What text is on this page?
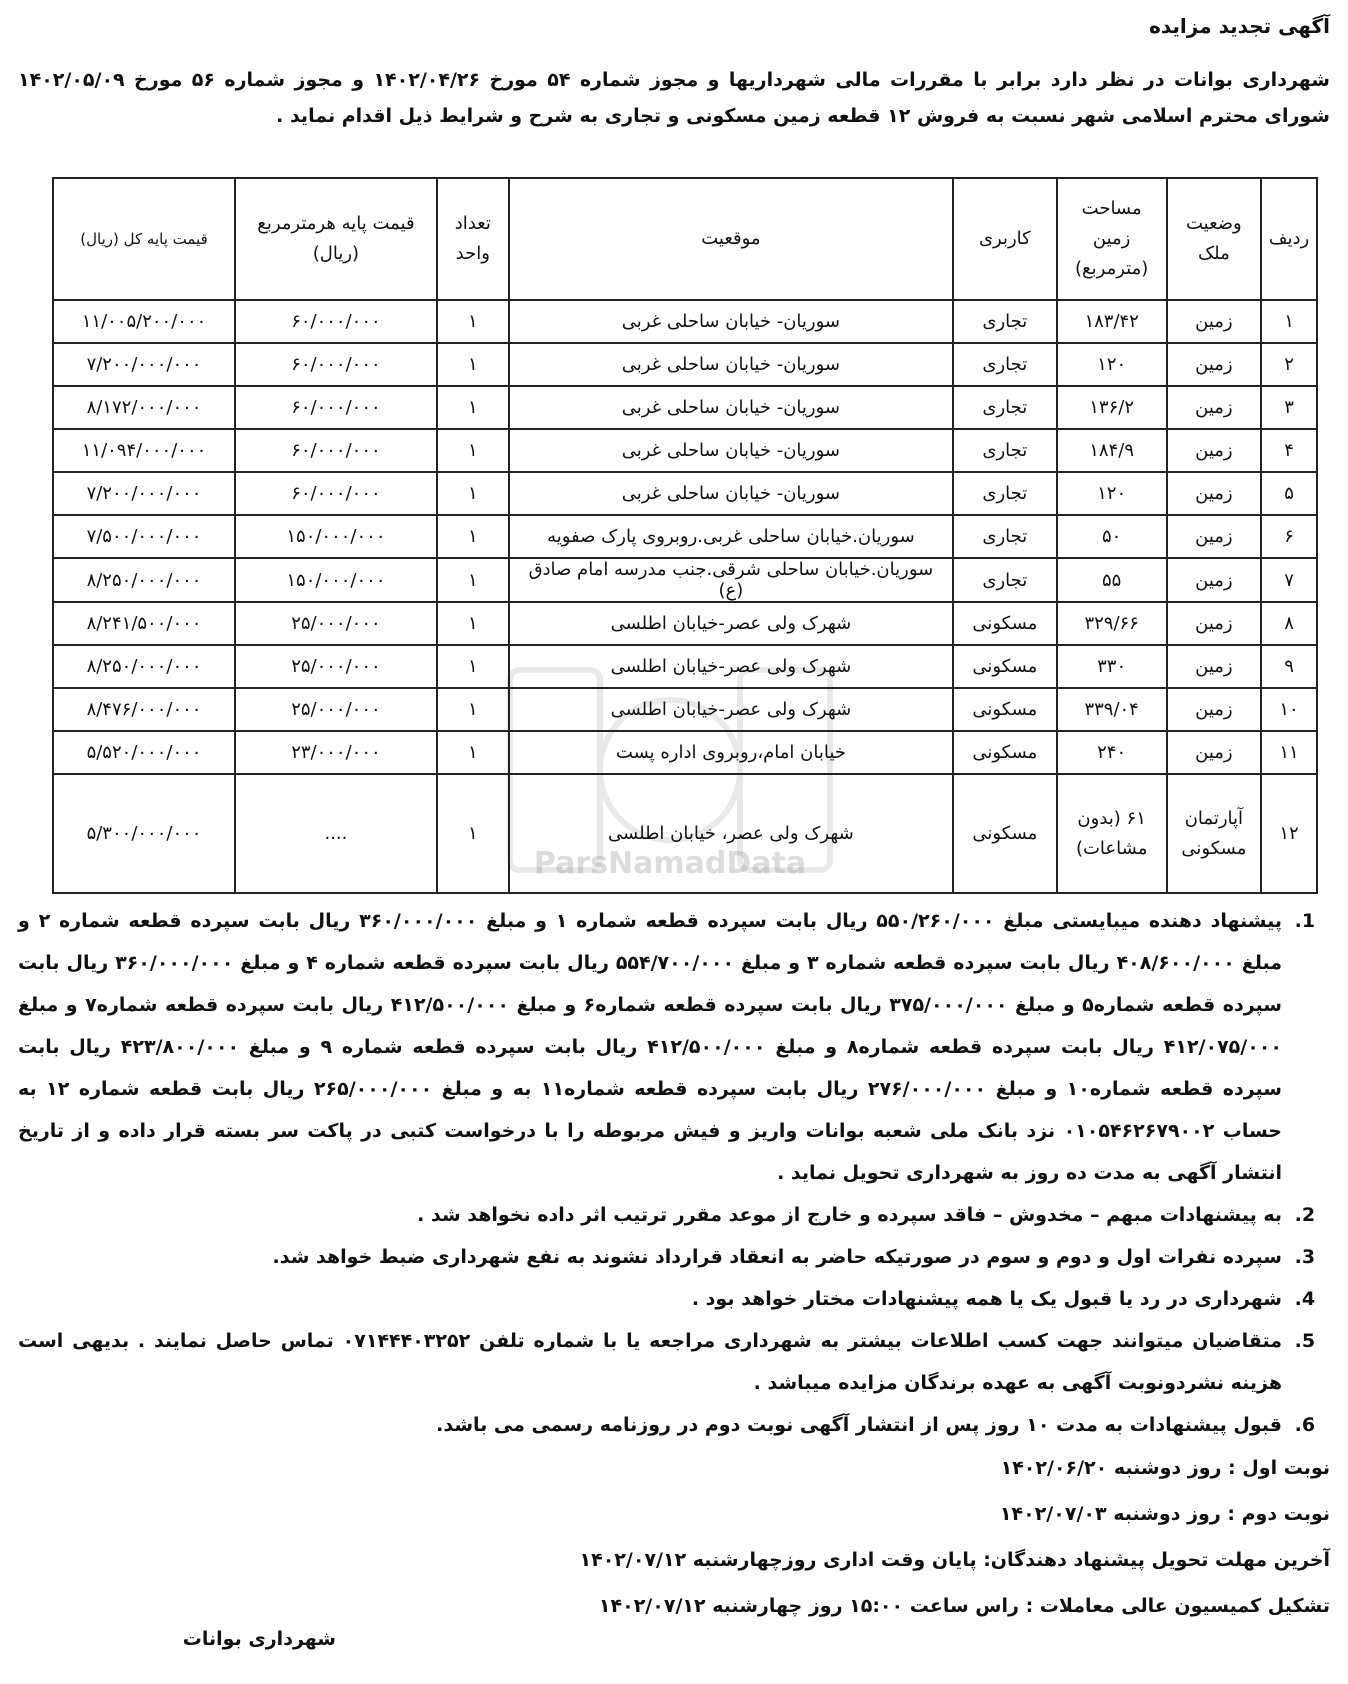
ParsNamadData
آگهی تجدید مزایده
شهرداری بوانات در نظر دارد برابر با مقررات مالی شهرداریها و مجوز شماره ۵۴ مورخ ۱۴۰۲/۰۴/۲۶ و مجوز شماره ۵۶ مورخ ۱۴۰۲/۰۵/۰۹ شورای محترم اسلامی شهر نسبت به فروش ۱۲ قطعه زمین مسکونی و تجاری به شرح و شرایط ذیل اقدام نماید .
ردیف	وضعیت ملک	مساحت زمین (مترمربع)	کاربری	موقعیت	تعداد واحد	قیمت پایه هرمترمربع (ریال)	قیمت پایه کل (ریال)
۱	زمین	۱۸۳/۴۲	تجاری	سوریان- خیابان ساحلی غربی	۱	۶۰/۰۰۰/۰۰۰	۱۱/۰۰۵/۲۰۰/۰۰۰
۲	زمین	۱۲۰	تجاری	سوریان- خیابان ساحلی غربی	۱	۶۰/۰۰۰/۰۰۰	۷/۲۰۰/۰۰۰/۰۰۰
۳	زمین	۱۳۶/۲	تجاری	سوریان- خیابان ساحلی غربی	۱	۶۰/۰۰۰/۰۰۰	۸/۱۷۲/۰۰۰/۰۰۰
۴	زمین	۱۸۴/۹	تجاری	سوریان- خیابان ساحلی غربی	۱	۶۰/۰۰۰/۰۰۰	۱۱/۰۹۴/۰۰۰/۰۰۰
۵	زمین	۱۲۰	تجاری	سوریان- خیابان ساحلی غربی	۱	۶۰/۰۰۰/۰۰۰	۷/۲۰۰/۰۰۰/۰۰۰
۶	زمین	۵۰	تجاری	سوریان.خیابان ساحلی غربی.روبروی پارک صفویه	۱	۱۵۰/۰۰۰/۰۰۰	۷/۵۰۰/۰۰۰/۰۰۰
۷	زمین	۵۵	تجاری	سوریان.خیابان ساحلی شرقی.جنب مدرسه امام صادق (ع)	۱	۱۵۰/۰۰۰/۰۰۰	۸/۲۵۰/۰۰۰/۰۰۰
۸	زمین	۳۲۹/۶۶	مسکونی	شهرک ولی عصر-خیابان اطلسی	۱	۲۵/۰۰۰/۰۰۰	۸/۲۴۱/۵۰۰/۰۰۰
۹	زمین	۳۳۰	مسکونی	شهرک ولی عصر-خیابان اطلسی	۱	۲۵/۰۰۰/۰۰۰	۸/۲۵۰/۰۰۰/۰۰۰
۱۰	زمین	۳۳۹/۰۴	مسکونی	شهرک ولی عصر-خیابان اطلسی	۱	۲۵/۰۰۰/۰۰۰	۸/۴۷۶/۰۰۰/۰۰۰
۱۱	زمین	۲۴۰	مسکونی	خیابان امام،روبروی اداره پست	۱	۲۳/۰۰۰/۰۰۰	۵/۵۲۰/۰۰۰/۰۰۰
۱۲	آپارتمان مسکونی	۶۱ (بدون مشاعات)	مسکونی	شهرک ولی عصر، خیابان اطلسی	۱	....	۵/۳۰۰/۰۰۰/۰۰۰
1. پیشنهاد دهنده میبایستی مبلغ ۵۵۰/۲۶۰/۰۰۰ ریال بابت سپرده قطعه شماره ۱ و مبلغ ۳۶۰/۰۰۰/۰۰۰ ریال بابت سپرده قطعه شماره ۲ و مبلغ ۴۰۸/۶۰۰/۰۰۰ ریال بابت سپرده قطعه شماره ۳ و مبلغ ۵۵۴/۷۰۰/۰۰۰ ریال بابت سپرده قطعه شماره ۴ و مبلغ ۳۶۰/۰۰۰/۰۰۰ ریال بابت سپرده قطعه شماره۵ و مبلغ ۳۷۵/۰۰۰/۰۰۰ ریال بابت سپرده قطعه شماره۶ و مبلغ ۴۱۲/۵۰۰/۰۰۰ ریال بابت سپرده قطعه شماره۷ و مبلغ ۴۱۲/۰۷۵/۰۰۰ ریال بابت سپرده قطعه شماره۸ و مبلغ ۴۱۲/۵۰۰/۰۰۰ ریال بابت سپرده قطعه شماره ۹ و مبلغ ۴۲۳/۸۰۰/۰۰۰ ریال بابت سپرده قطعه شماره۱۰ و مبلغ ۲۷۶/۰۰۰/۰۰۰ ریال بابت سپرده قطعه شماره۱۱ به و مبلغ ۲۶۵/۰۰۰/۰۰۰ ریال بابت قطعه شماره ۱۲ به حساب ۰۱۰۵۴۶۲۶۷۹۰۰۲ نزد بانک ملی شعبه بوانات واریز و فیش مربوطه را با درخواست کتبی در پاکت سر بسته قرار داده و از تاریخ انتشار آگهی به مدت ده روز به شهرداری تحویل نماید .
2. به پیشنهادات مبهم – مخدوش – فاقد سپرده و خارج از موعد مقرر ترتیب اثر داده نخواهد شد .
3. سپرده نفرات اول و دوم و سوم در صورتیکه حاضر به انعقاد قرارداد نشوند به نفع شهرداری ضبط خواهد شد.
4. شهرداری در رد یا قبول یک یا همه پیشنهادات مختار خواهد بود .
5. متقاضیان میتوانند جهت کسب اطلاعات بیشتر به شهرداری مراجعه یا با شماره تلفن ۰۷۱۴۴۴۰۳۲۵۲ تماس حاصل نمایند . بدیهی است هزینه نشردونوبت آگهی به عهده برندگان مزایده میباشد .
6. قبول پیشنهادات به مدت ۱۰ روز پس از انتشار آگهی نوبت دوم در روزنامه رسمی می باشد.
نوبت اول : روز دوشنبه ۱۴۰۲/۰۶/۲۰
نوبت دوم : روز دوشنبه ۱۴۰۲/۰۷/۰۳
آخرین مهلت تحویل پیشنهاد دهندگان: پایان وقت اداری روزچهارشنبه ۱۴۰۲/۰۷/۱۲
تشکیل کمیسیون عالی معاملات : راس ساعت ۱۵:۰۰ روز چهارشنبه ۱۴۰۲/۰۷/۱۲
شهرداری بوانات
